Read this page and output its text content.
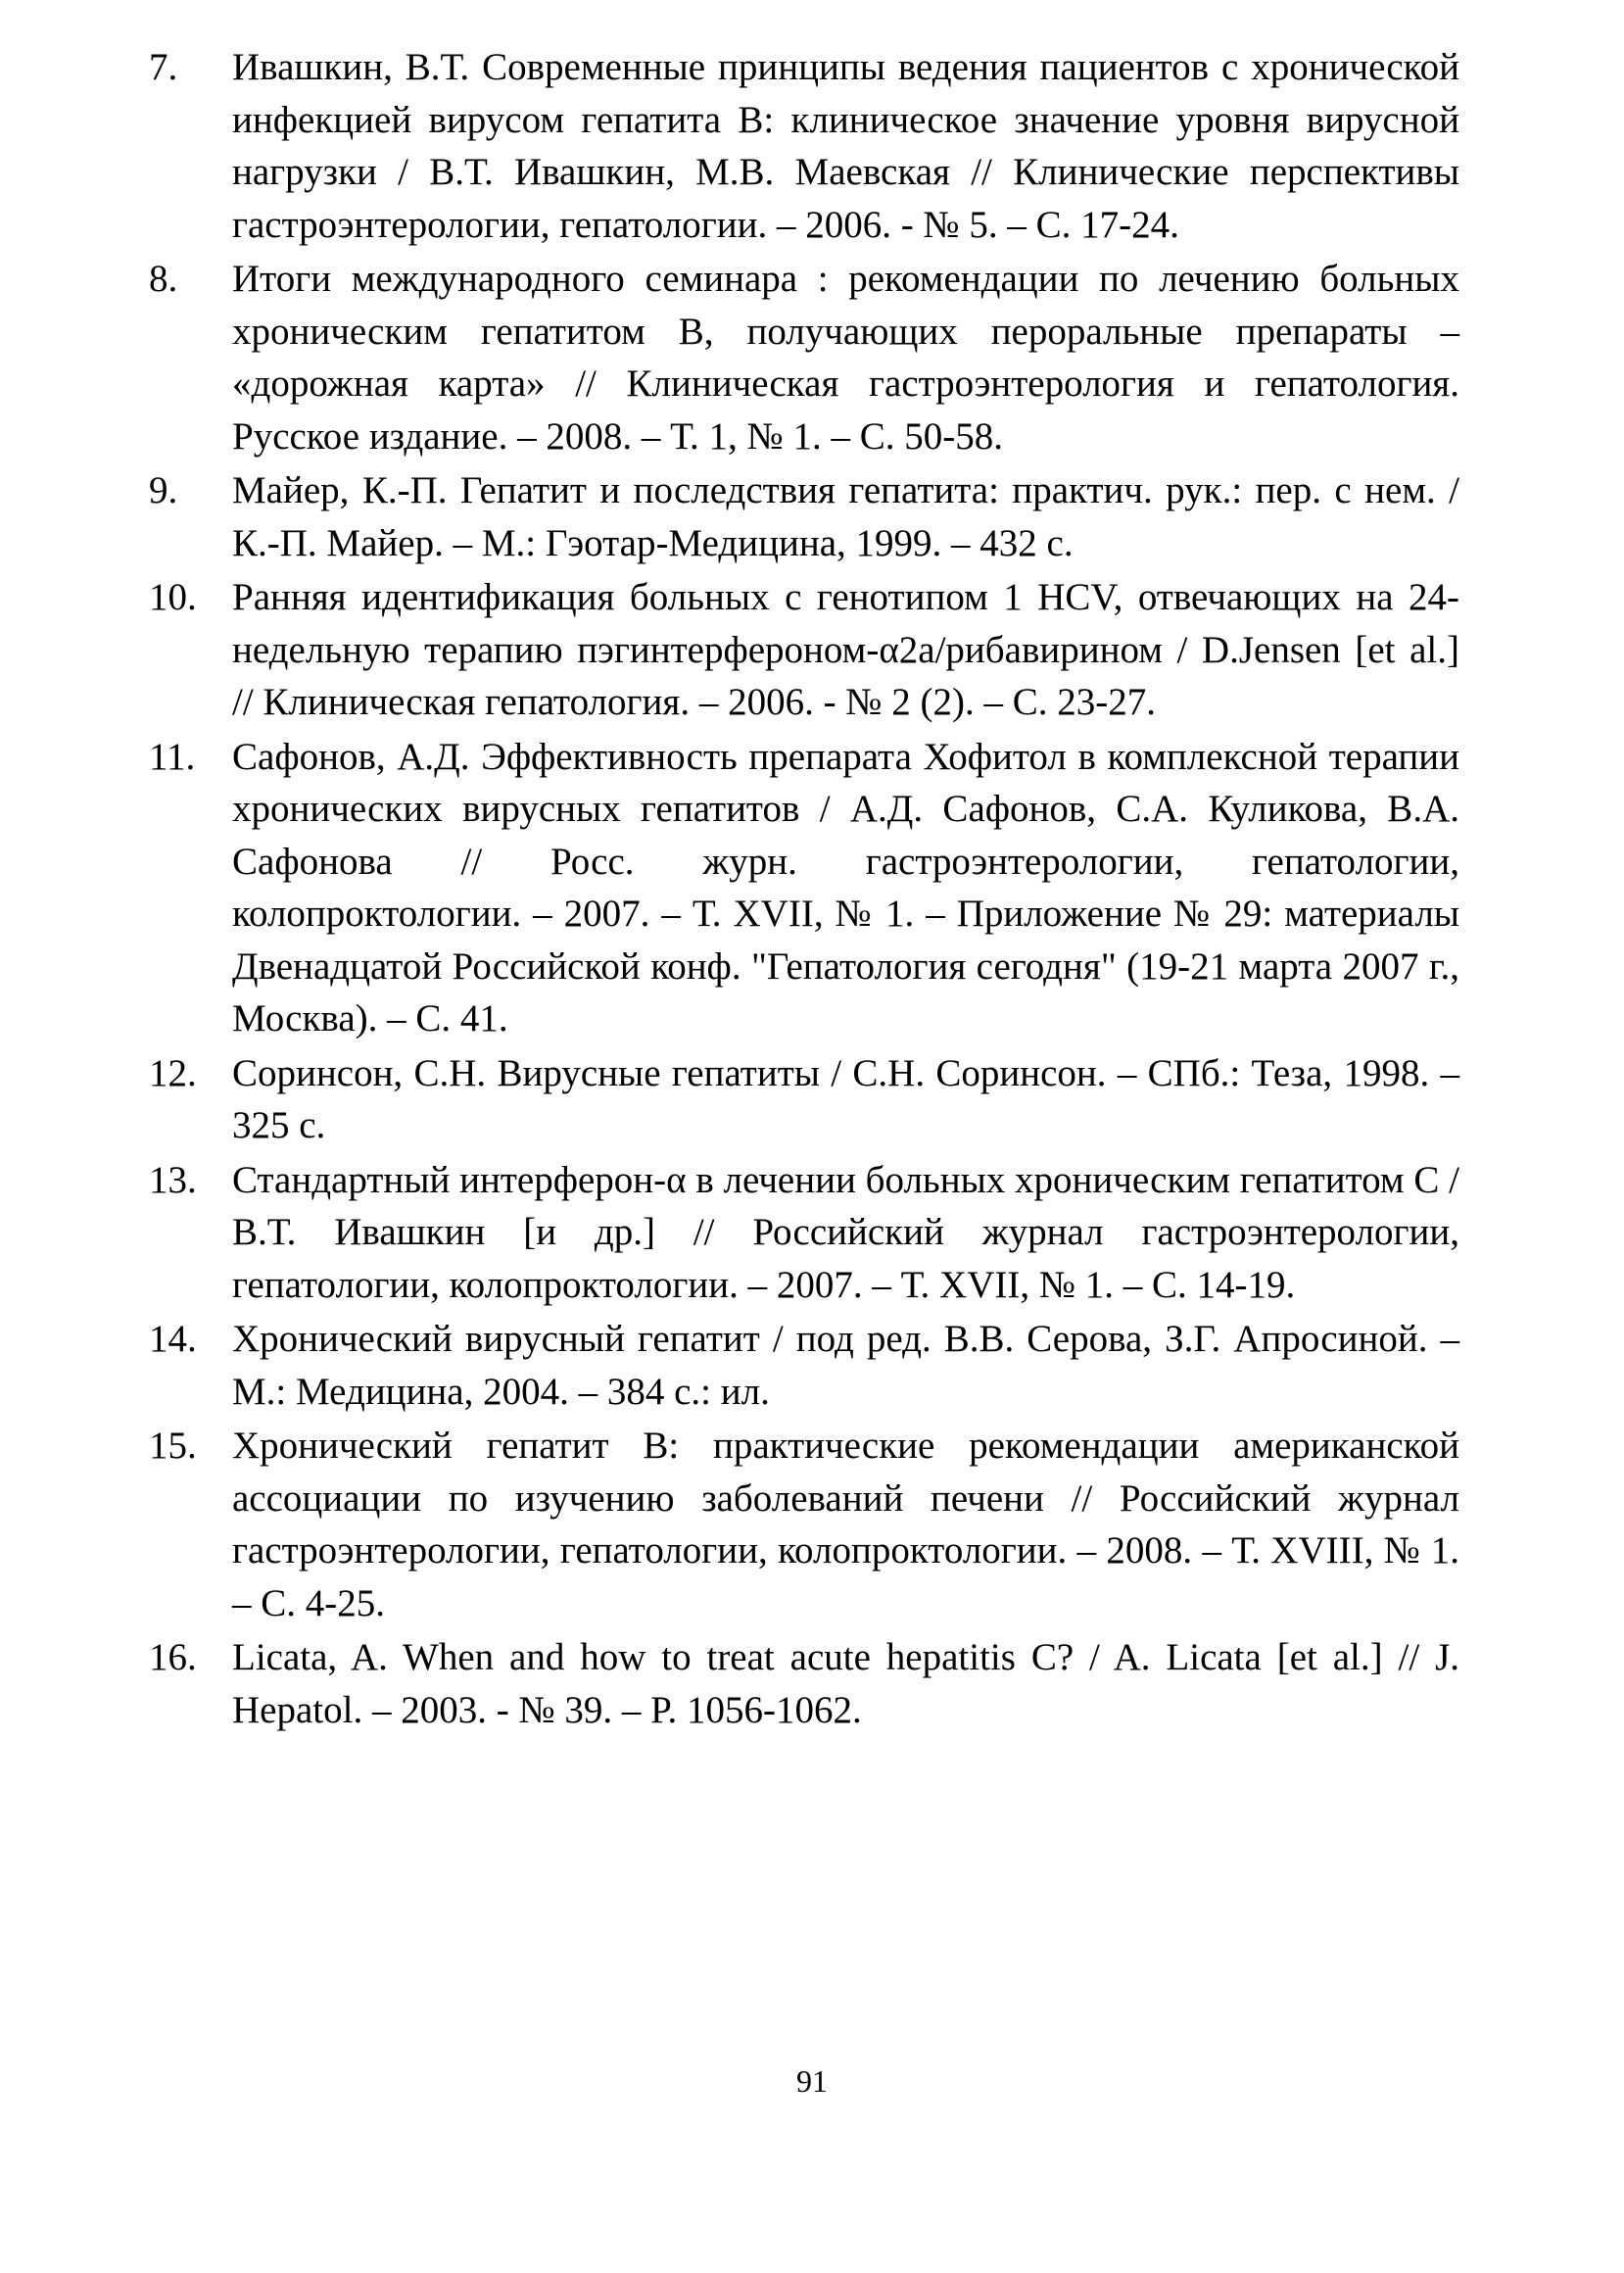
7. Ивашкин, В.Т. Современные принципы ведения пациентов с хронической инфекцией вирусом гепатита В: клиническое значение уровня вирусной нагрузки / В.Т. Ивашкин, М.В. Маевская // Клинические перспективы гастроэнтерологии, гепатологии. – 2006. - № 5. – С. 17-24.
8. Итоги международного семинара : рекомендации по лечению больных хроническим гепатитом В, получающих пероральные препараты – «дорожная карта» // Клиническая гастроэнтерология и гепатология. Русское издание. – 2008. – Т. 1, № 1. – С. 50-58.
9. Майер, К.-П. Гепатит и последствия гепатита: практич. рук.: пер. с нем. / К.-П. Майер. – М.: Гэотар-Медицина, 1999. – 432 с.
10. Ранняя идентификация больных с генотипом 1 HCV, отвечающих на 24-недельную терапию пэгинтерфероном-α2a/рибавирином / D.Jensen [et al.] // Клиническая гепатология. – 2006. - № 2 (2). – С. 23-27.
11. Сафонов, А.Д. Эффективность препарата Хофитол в комплексной терапии хронических вирусных гепатитов / А.Д. Сафонов, С.А. Куликова, В.А. Сафонова // Росс. журн. гастроэнтерологии, гепатологии, колопроктологии. – 2007. – Т. XVII, № 1. – Приложение № 29: материалы Двенадцатой Российской конф. "Гепатология сегодня" (19-21 марта 2007 г., Москва). – С. 41.
12. Соринсон, С.Н. Вирусные гепатиты / С.Н. Соринсон. – СПб.: Теза, 1998. – 325 с.
13. Стандартный интерферон-α в лечении больных хроническим гепатитом С / В.Т. Ивашкин [и др.] // Российский журнал гастроэнтерологии, гепатологии, колопроктологии. – 2007. – Т. XVII, № 1. – С. 14-19.
14. Хронический вирусный гепатит / под ред. В.В. Серова, З.Г. Апросиной. – М.: Медицина, 2004. – 384 с.: ил.
15. Хронический гепатит В: практические рекомендации американской ассоциации по изучению заболеваний печени // Российский журнал гастроэнтерологии, гепатологии, колопроктологии. – 2008. – Т. XVIII, № 1. – С. 4-25.
16. Licata, A. When and how to treat acute hepatitis C? / A. Licata [et al.] // J. Hepatol. – 2003. - № 39. – P. 1056-1062.
91
